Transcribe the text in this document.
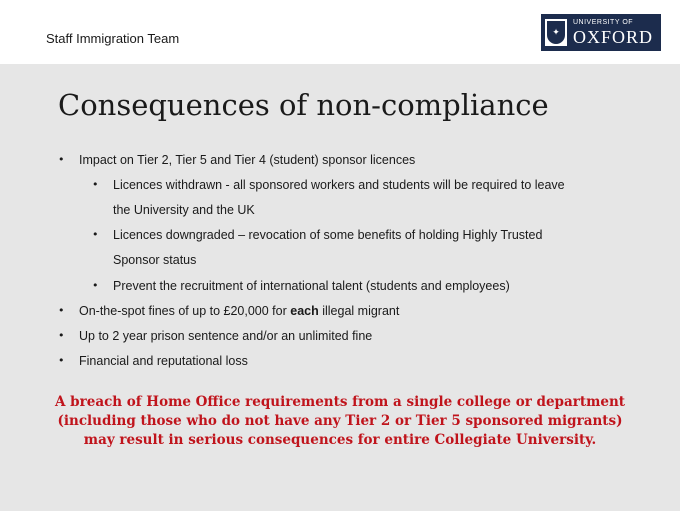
Staff Immigration Team	✦
UNIVERSITY OF
OXFORD
Consequences of non-compliance
• Impact on Tier 2, Tier 5 and Tier 4 (student) sponsor licences
• Licences withdrawn - all sponsored workers and students will be required to leave
the University and the UK
• Licences downgraded – revocation of some benefits of holding Highly Trusted
Sponsor status
• Prevent the recruitment of international talent (students and employees)
• On-the-spot fines of up to £20,000 for each illegal migrant
• Up to 2 year prison sentence and/or an unlimited fine
• Financial and reputational loss
A breach of Home Office requirements from a single college or department
(including those who do not have any Tier 2 or Tier 5 sponsored migrants)
may result in serious consequences for entire Collegiate University.
